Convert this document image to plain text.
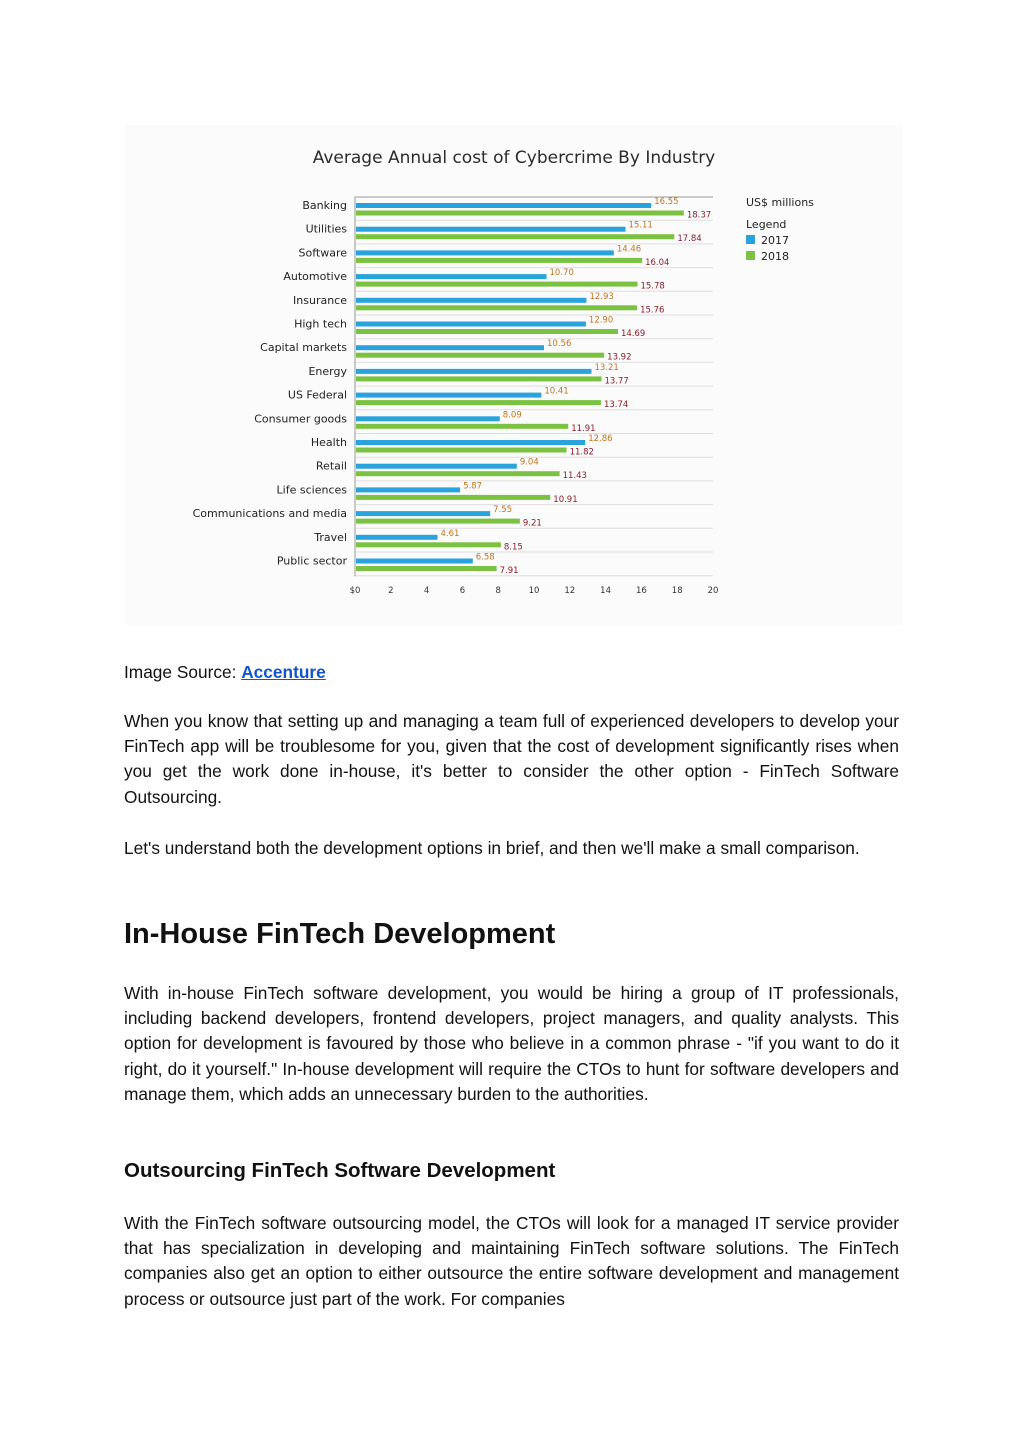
Average Annual cost of Cybercrime By Industry
16.55
18.37
15.11
17.84
14.46
16.04
10.70
15.78
12.93
15.76
12.90
14.69
10.56
13.92
13.21
13.77
10.41
13.74
8.09
11.91
12.86
11.82
9.04
11.43
5.87
10.91
7.55
9.21
4.61
8.15
6.58
7.91
Banking
Utilities
Software
Automotive
Insurance
High tech
Capital markets
Energy
US Federal
Consumer goods
Health
Retail
Life sciences
Communications and media
Travel
Public sector
$0	2	4	6	8	10	12	14	16	18	20
US$ millions
Legend
2017
2018

Image Source: Accenture

When you know that setting up and managing a team full of experienced developers to develop your FinTech app will be troublesome for you, given that the cost of development significantly rises when you get the work done in-house, it's better to consider the other option - FinTech Software Outsourcing.

Let's understand both the development options in brief, and then we'll make a small comparison.

In-House FinTech Development

With in-house FinTech software development, you would be hiring a group of IT professionals, including backend developers, frontend developers, project managers, and quality analysts. This option for development is favoured by those who believe in a common phrase - "if you want to do it right, do it yourself." In-house development will require the CTOs to hunt for software developers and manage them, which adds an unnecessary burden to the authorities.

Outsourcing FinTech Software Development

With the FinTech software outsourcing model, the CTOs will look for a managed IT service provider that has specialization in developing and maintaining FinTech software solutions. The FinTech companies also get an option to either outsource the entire software development and management process or outsource just part of the work. For companies
